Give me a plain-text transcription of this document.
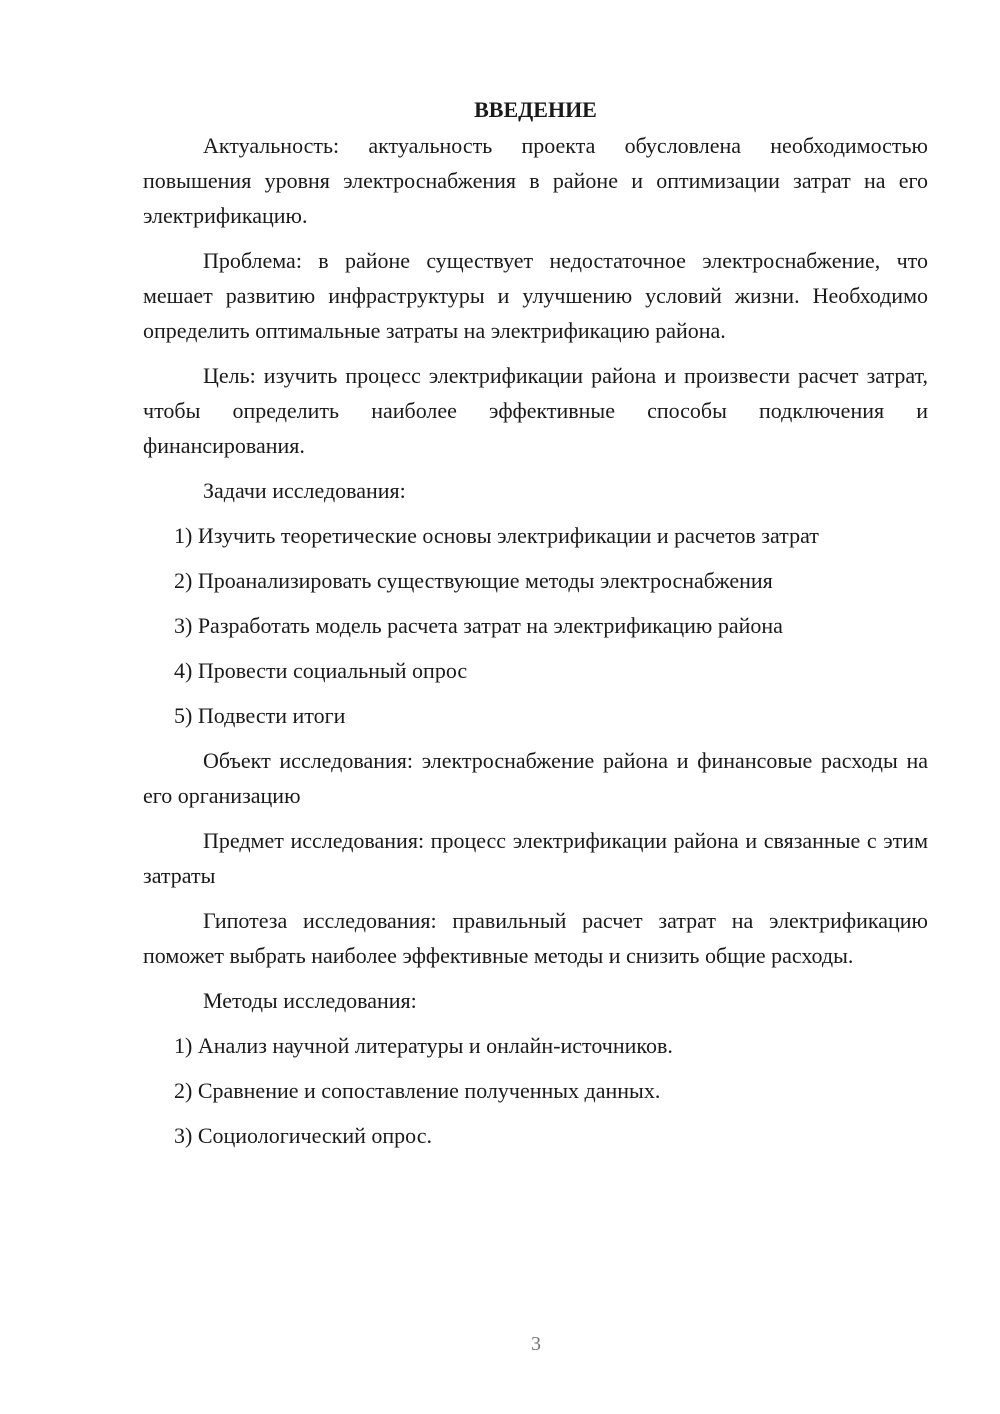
ВВЕДЕНИЕ

Актуальность: актуальность проекта обусловлена необходимостью повышения уровня электроснабжения в районе и оптимизации затрат на его электрификацию.

Проблема: в районе существует недостаточное электроснабжение, что мешает развитию инфраструктуры и улучшению условий жизни. Необходимо определить оптимальные затраты на электрификацию района.

Цель: изучить процесс электрификации района и произвести расчет затрат, чтобы определить наиболее эффективные способы подключения и финансирования.

Задачи исследования:

1) Изучить теоретические основы электрификации и расчетов затрат

2) Проанализировать существующие методы электроснабжения

3) Разработать модель расчета затрат на электрификацию района

4) Провести социальный опрос

5) Подвести итоги

Объект исследования: электроснабжение района и финансовые расходы на его организацию

Предмет исследования: процесс электрификации района и связанные с этим затраты

Гипотеза исследования: правильный расчет затрат на электрификацию поможет выбрать наиболее эффективные методы и снизить общие расходы.

Методы исследования:

1) Анализ научной литературы и онлайн-источников.

2) Сравнение и сопоставление полученных данных.

3) Социологический опрос.

3
